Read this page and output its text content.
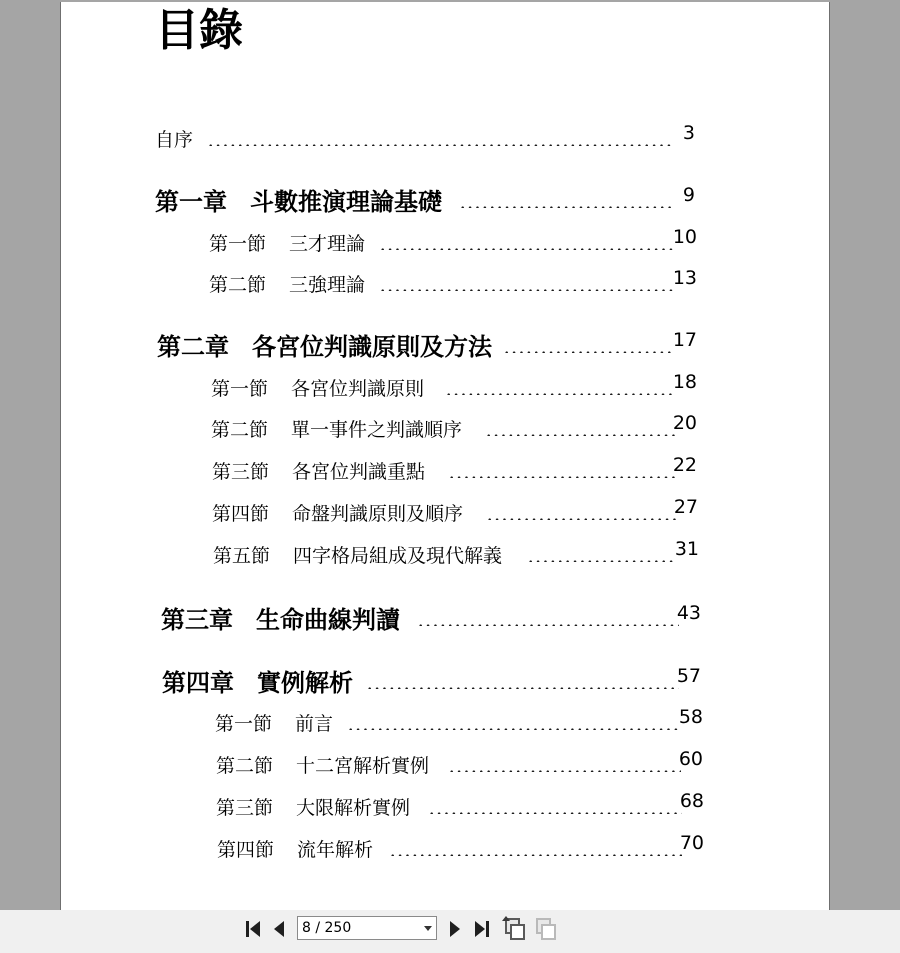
目錄
自序	3
第一章 斗數推演理論基礎	9
第一節 三才理論	10
第二節 三強理論	13
第二章 各宮位判識原則及方法	17
第一節 各宮位判識原則	18
第二節 單一事件之判識順序	20
第三節 各宮位判識重點	22
第四節 命盤判識原則及順序	27
第五節 四字格局組成及現代解義	31
第三章 生命曲線判讀	43
第四章 實例解析	57
第一節 前言	58
第二節 十二宮解析實例	60
第三節 大限解析實例	68
第四節 流年解析	70
8 / 250
